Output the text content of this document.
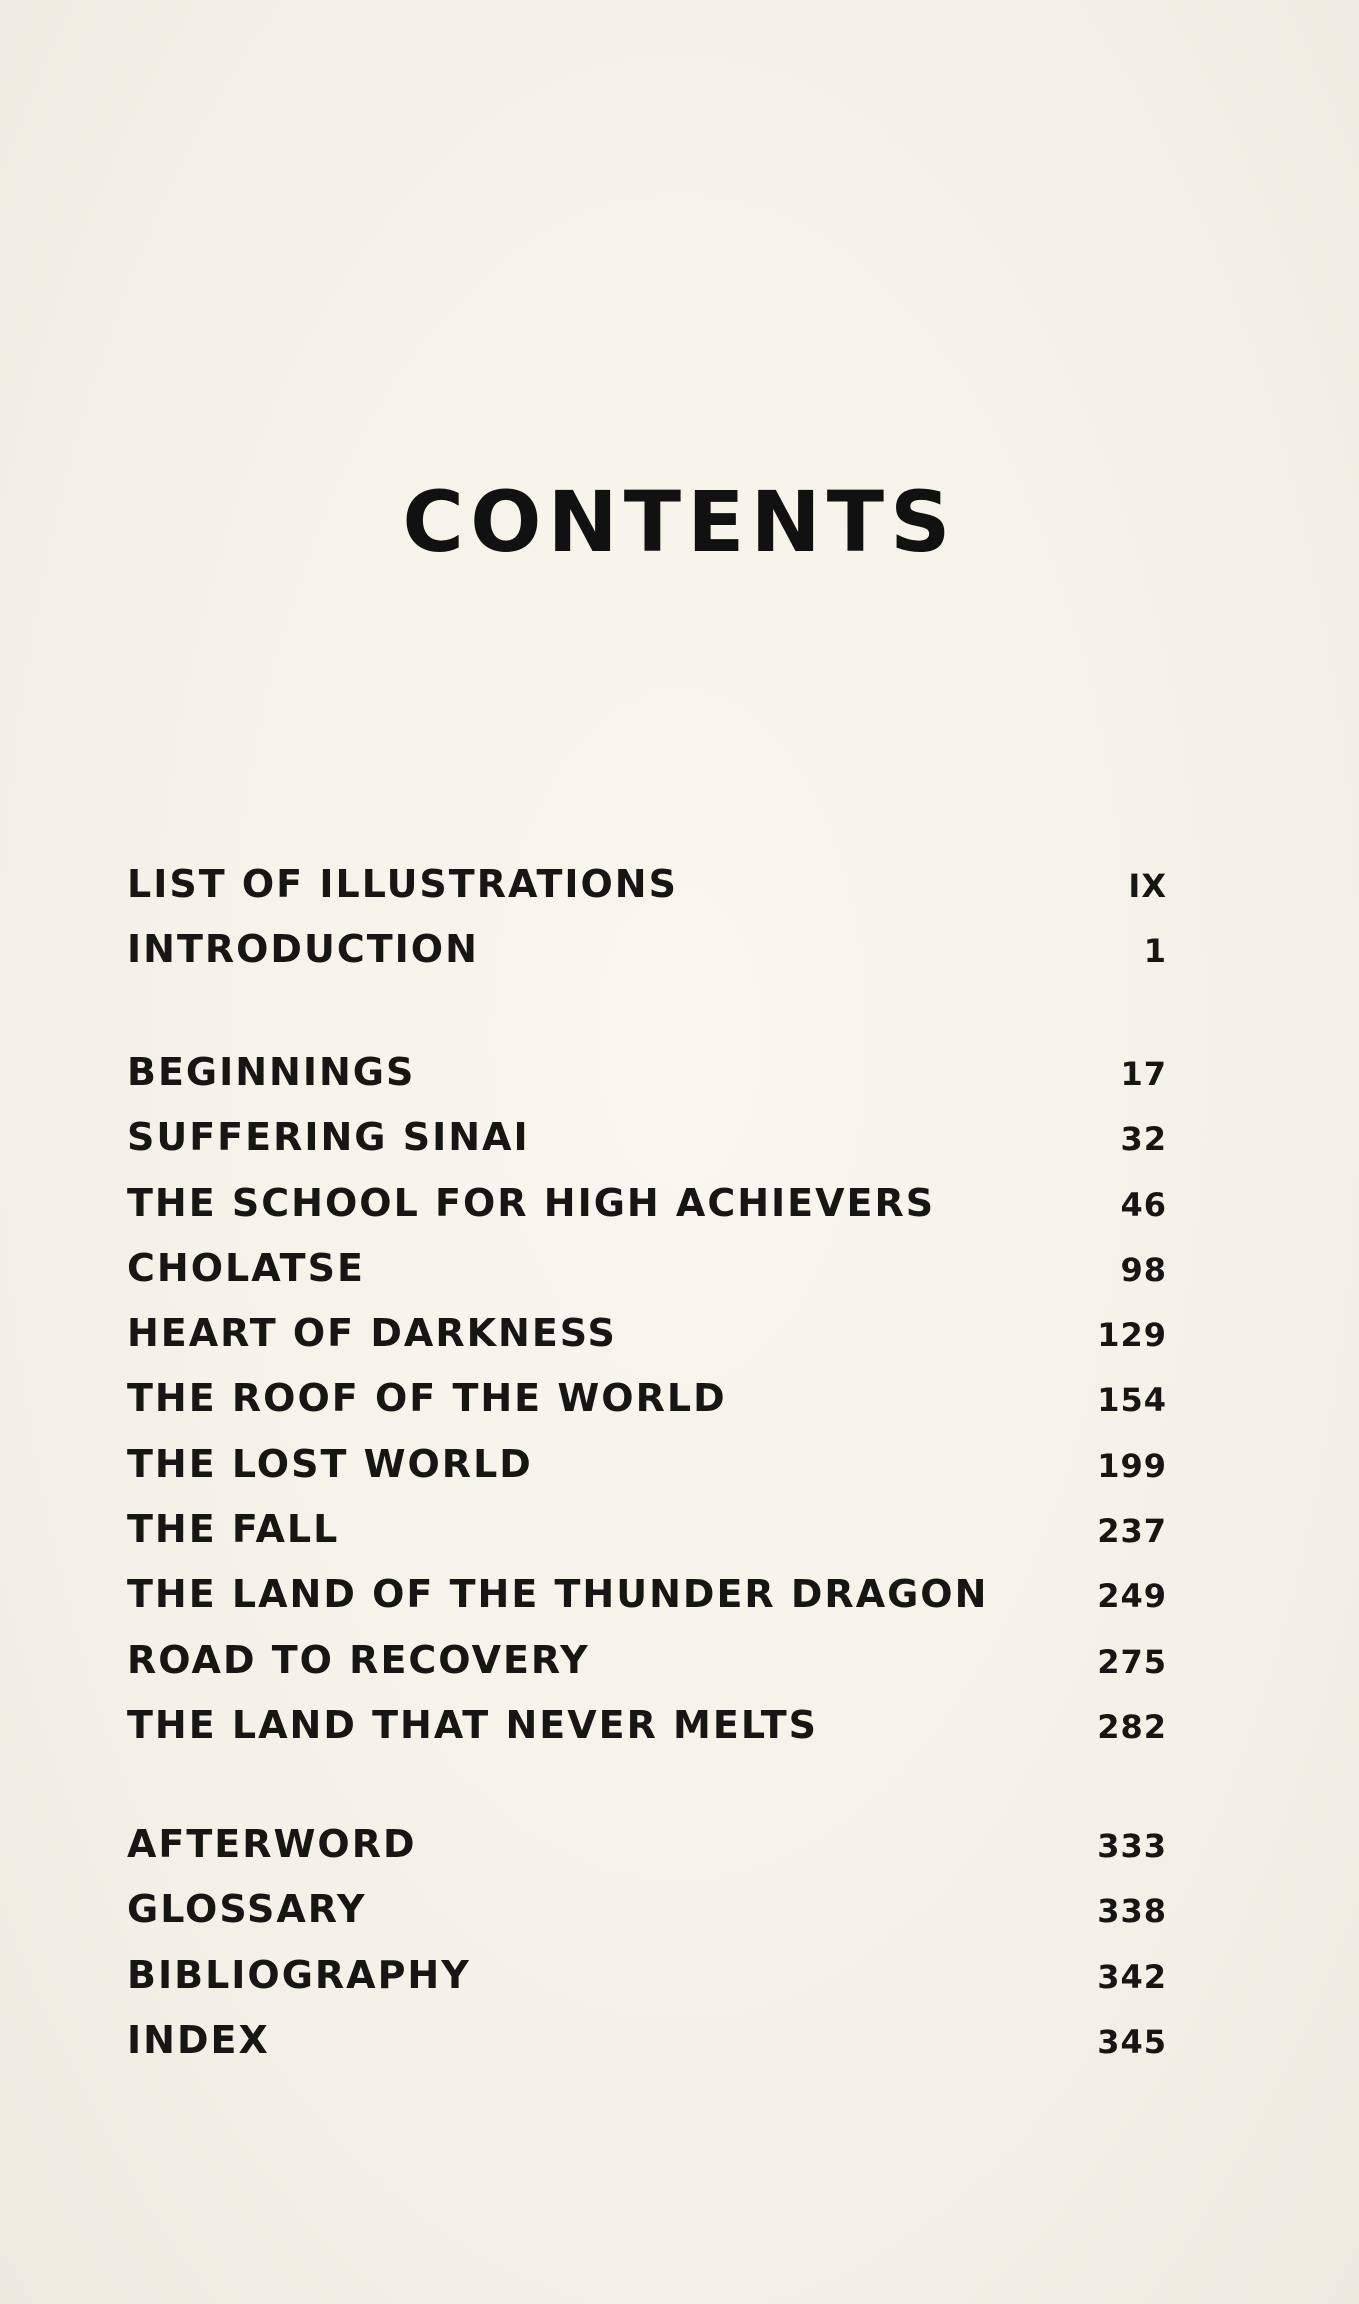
CONTENTS
LIST OF ILLUSTRATIONS	IX
INTRODUCTION	1
BEGINNINGS	17
SUFFERING SINAI	32
THE SCHOOL FOR HIGH ACHIEVERS	46
CHOLATSE	98
HEART OF DARKNESS	129
THE ROOF OF THE WORLD	154
THE LOST WORLD	199
THE FALL	237
THE LAND OF THE THUNDER DRAGON	249
ROAD TO RECOVERY	275
THE LAND THAT NEVER MELTS	282
AFTERWORD	333
GLOSSARY	338
BIBLIOGRAPHY	342
INDEX	345
